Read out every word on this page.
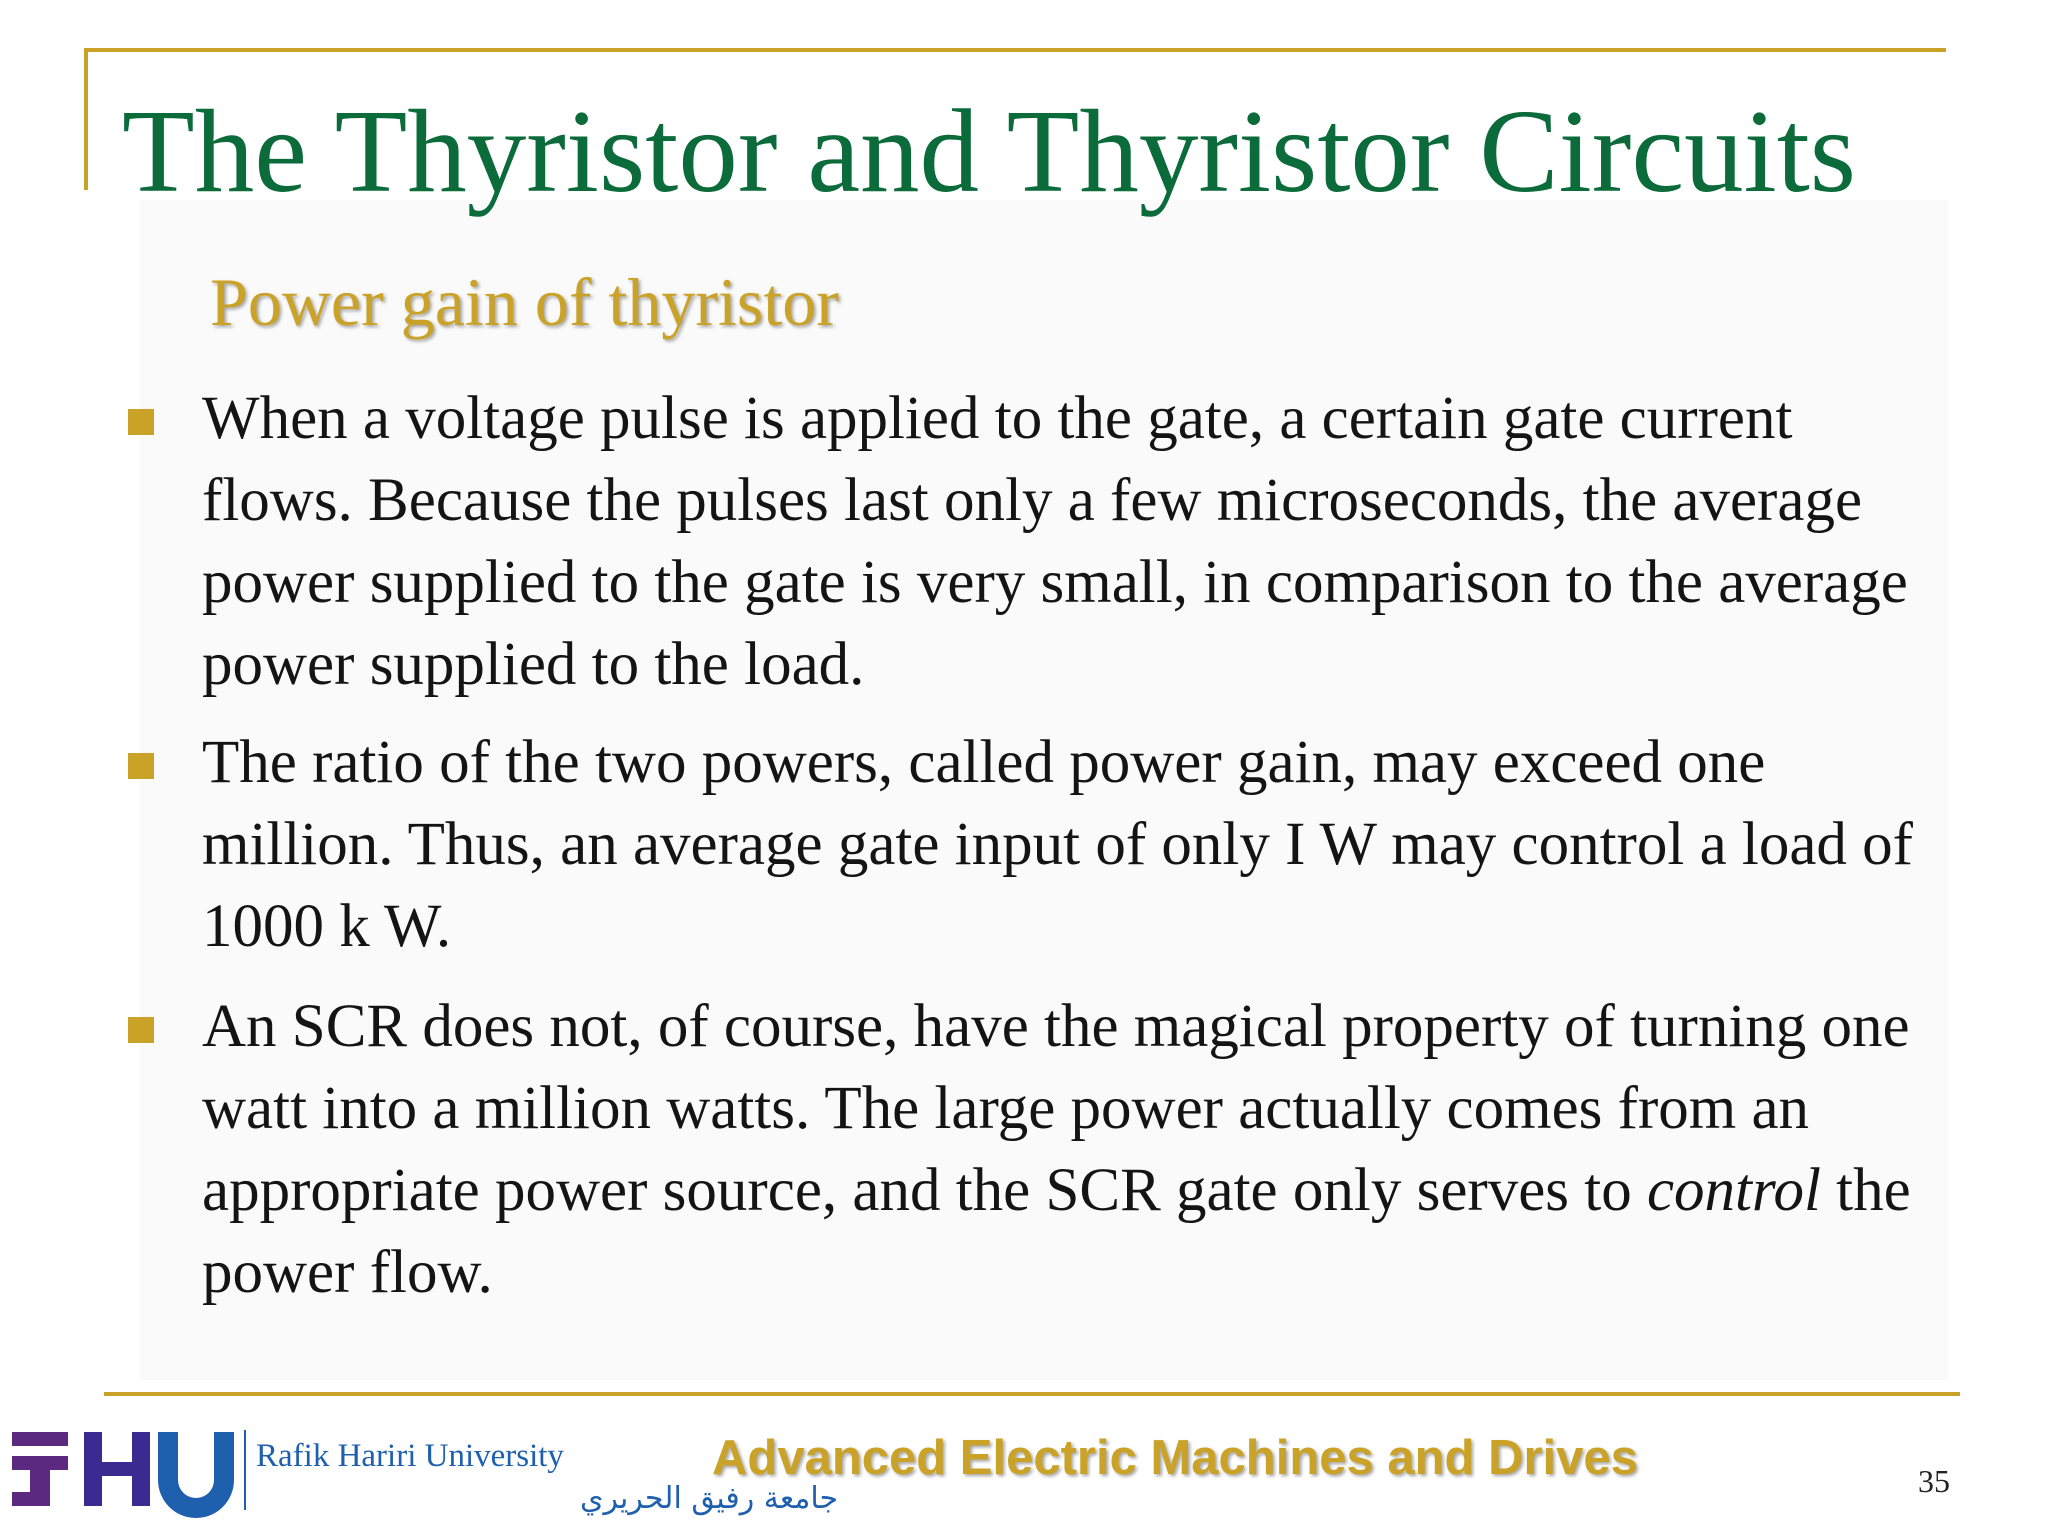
The Thyristor and Thyristor Circuits
Power gain of thyristor
When a voltage pulse is applied to the gate, a certain gate current flows. Because the pulses last only a few microseconds, the average power supplied to the gate is very small, in comparison to the average power supplied to the load.
The ratio of the two powers, called power gain, may exceed one million. Thus, an average gate input of only I W may control a load of 1000 k W.
An SCR does not, of course, have the magical property of turning one watt into a million watts. The large power actually comes from an appropriate power source, and the SCR gate only serves to control the power flow.
Rafik Hariri University
جامعة رفيق الحريري
Advanced Electric Machines and Drives	35
